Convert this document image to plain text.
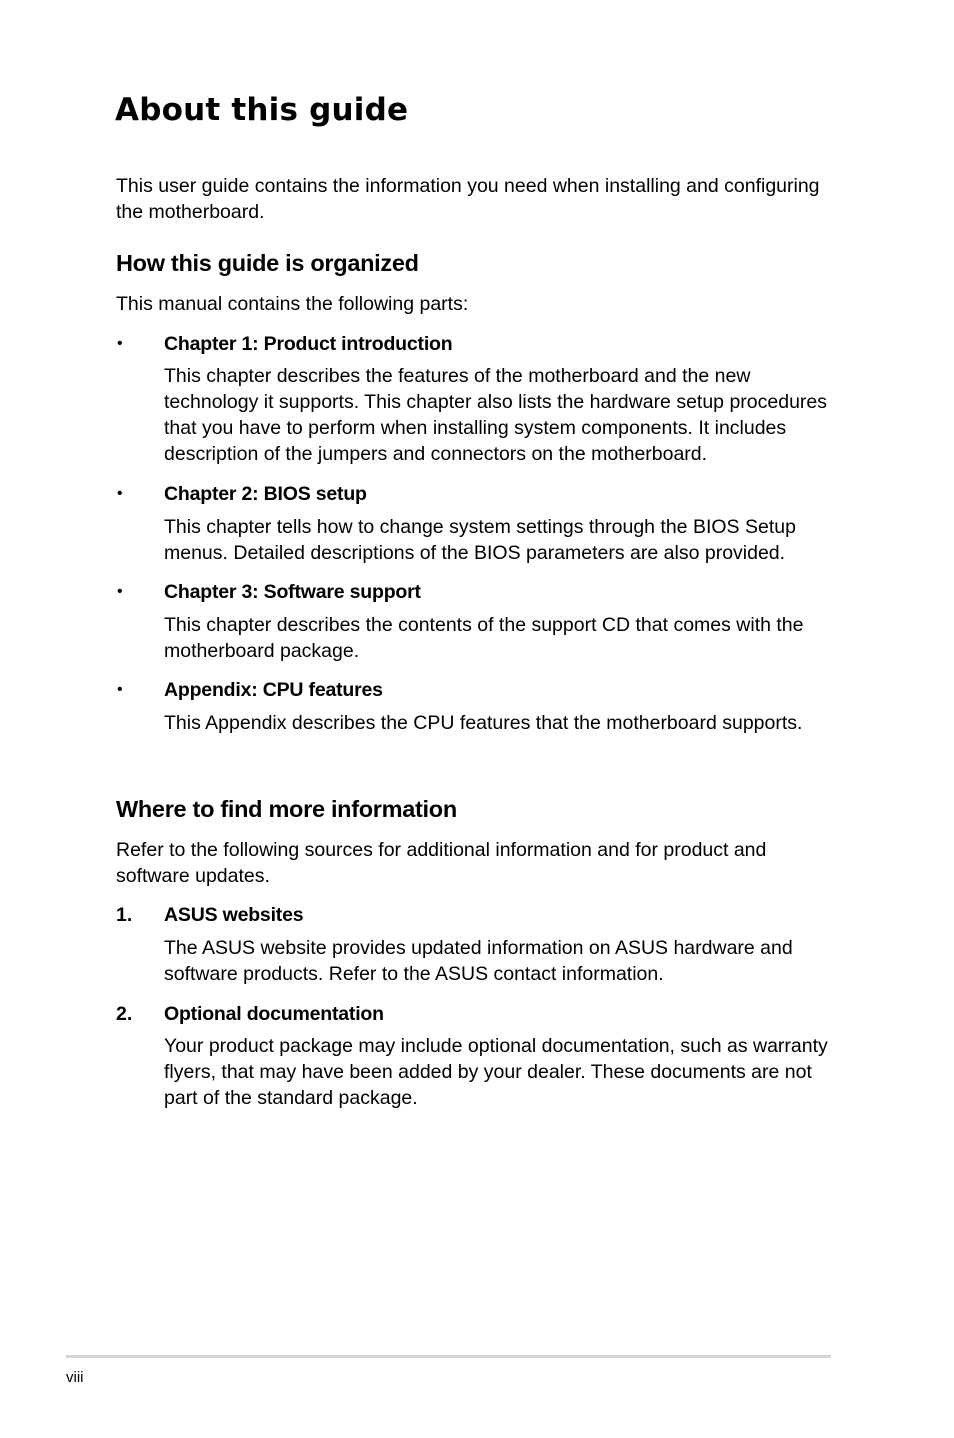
About this guide

This user guide contains the information you need when installing and configuring
the motherboard.

How this guide is organized

This manual contains the following parts:

• Chapter 1: Product introduction

This chapter describes the features of the motherboard and the new
technology it supports. This chapter also lists the hardware setup procedures
that you have to perform when installing system components. It includes
description of the jumpers and connectors on the motherboard.

• Chapter 2: BIOS setup

This chapter tells how to change system settings through the BIOS Setup
menus. Detailed descriptions of the BIOS parameters are also provided.

• Chapter 3: Software support

This chapter describes the contents of the support CD that comes with the
motherboard package.

• Appendix: CPU features

This Appendix describes the CPU features that the motherboard supports.

Where to find more information

Refer to the following sources for additional information and for product and
software updates.

1. ASUS websites

The ASUS website provides updated information on ASUS hardware and
software products. Refer to the ASUS contact information.

2. Optional documentation

Your product package may include optional documentation, such as warranty
flyers, that may have been added by your dealer. These documents are not
part of the standard package.

viii
